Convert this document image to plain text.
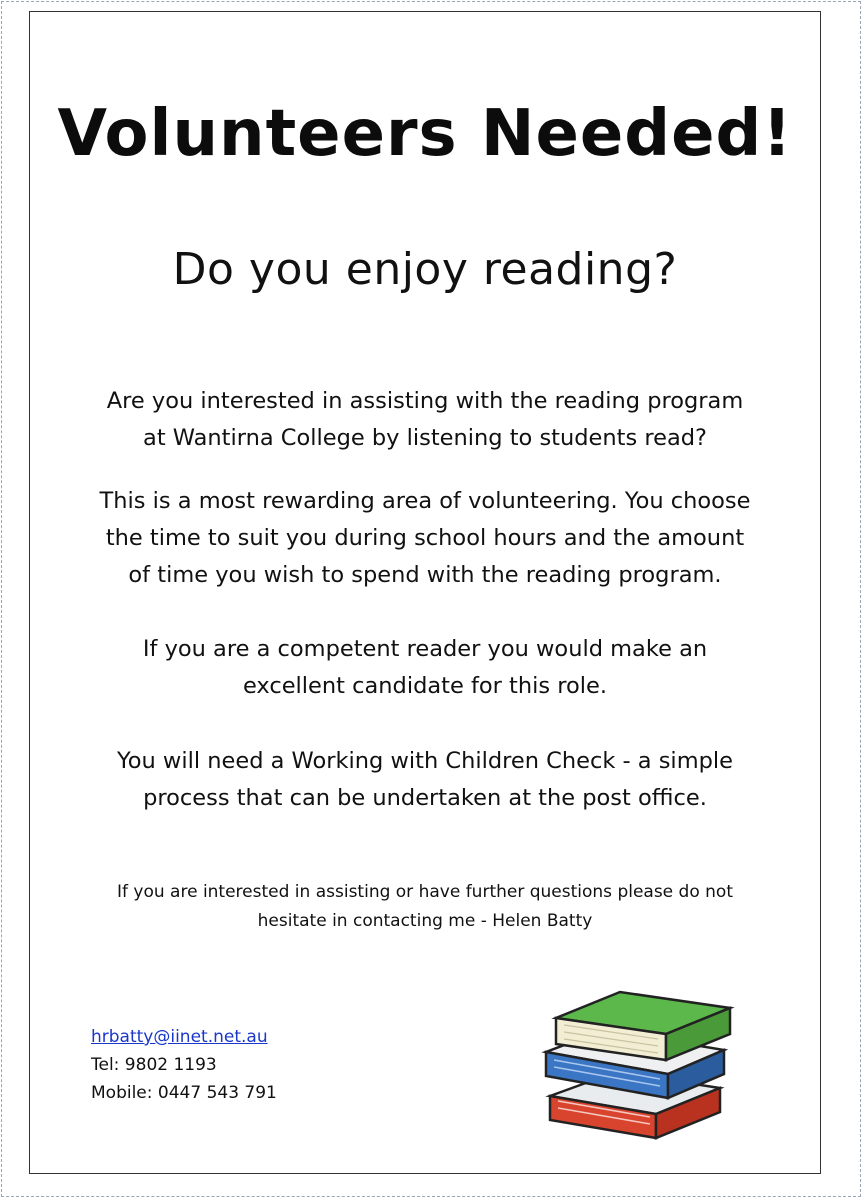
Volunteers Needed!
Do you enjoy reading?
Are you interested in assisting with the reading program
at Wantirna College by listening to students read?
This is a most rewarding area of volunteering. You choose
the time to suit you during school hours and the amount
of time you wish to spend with the reading program.
If you are a competent reader you would make an
excellent candidate for this role.
You will need a Working with Children Check - a simple
process that can be undertaken at the post office.
If you are interested in assisting or have further questions please do not
hesitate in contacting me - Helen Batty
hrbatty@iinet.net.au
Tel: 9802 1193
Mobile: 0447 543 791
